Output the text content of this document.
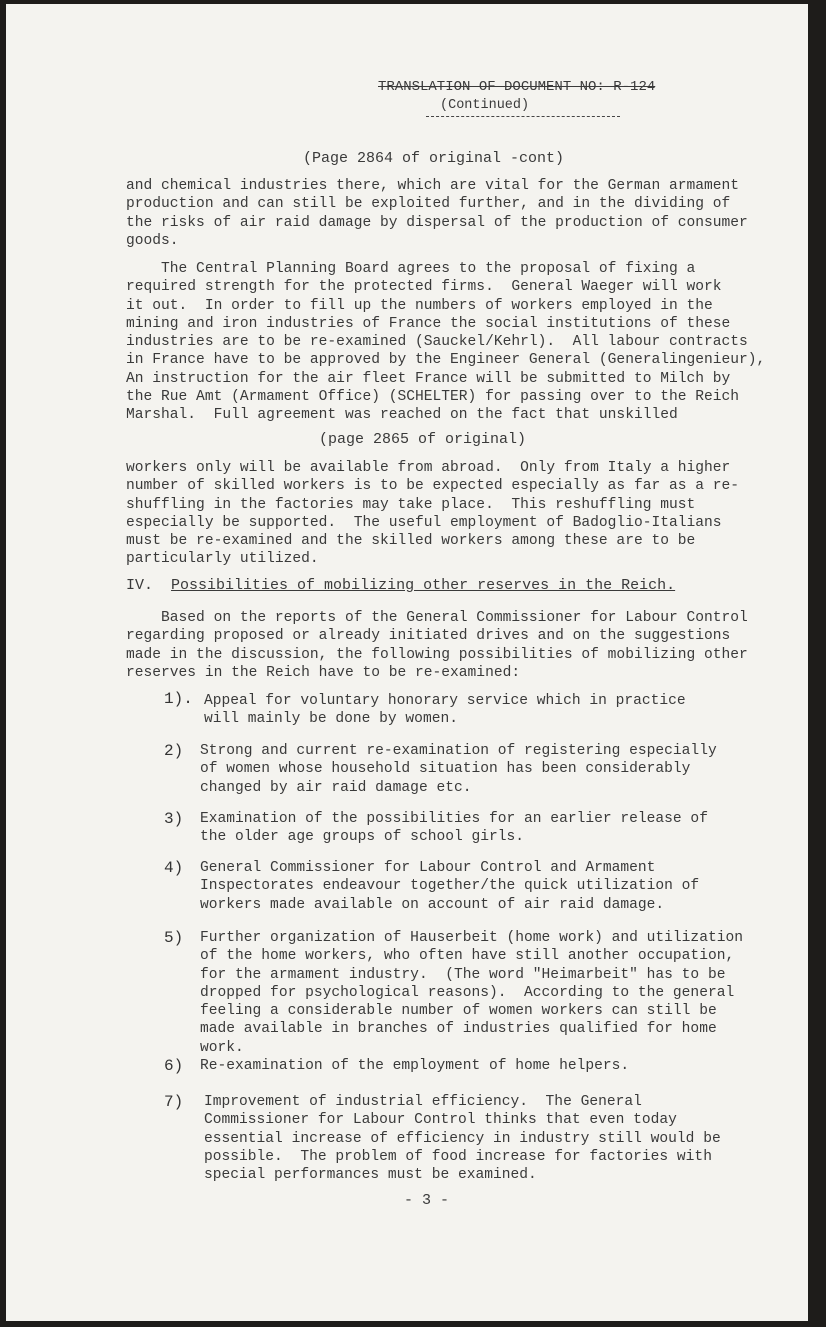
TRANSLATION OF DOCUMENT NO: R-124

(Continued)

(Page 2864 of original -cont)

and chemical industries there, which are vital for the German armament
production and can still be exploited further, and in the dividing of
the risks of air raid damage by dispersal of the production of consumer
goods.

The Central Planning Board agrees to the proposal of fixing a
required strength for the protected firms.  General Waeger will work
it out.  In order to fill up the numbers of workers employed in the
mining and iron industries of France the social institutions of these
industries are to be re-examined (Sauckel/Kehrl).  All labour contracts
in France have to be approved by the Engineer General (Generalingenieur),
An instruction for the air fleet France will be submitted to Milch by
the Rue Amt (Armament Office) (SCHELTER) for passing over to the Reich
Marshal.  Full agreement was reached on the fact that unskilled

(page 2865 of original)

workers only will be available from abroad.  Only from Italy a higher
number of skilled workers is to be expected especially as far as a re-
shuffling in the factories may take place.  This reshuffling must
especially be supported.  The useful employment of Badoglio-Italians
must be re-examined and the skilled workers among these are to be
particularly utilized.

IV. Possibilities of mobilizing other reserves in the Reich.

Based on the reports of the General Commissioner for Labour Control
regarding proposed or already initiated drives and on the suggestions
made in the discussion, the following possibilities of mobilizing other
reserves in the Reich have to be re-examined:

1). Appeal for voluntary honorary service which in practice
will mainly be done by women.

2) Strong and current re-examination of registering especially
of women whose household situation has been considerably
changed by air raid damage etc.

3) Examination of the possibilities for an earlier release of
the older age groups of school girls.

4) General Commissioner for Labour Control and Armament
Inspectorates endeavour together/the quick utilization of
workers made available on account of air raid damage.

5) Further organization of Hauserbeit (home work) and utilization
of the home workers, who often have still another occupation,
for the armament industry.  (The word "Heimarbeit" has to be
dropped for psychological reasons).  According to the general
feeling a considerable number of women workers can still be
made available in branches of industries qualified for home
work.

6) Re-examination of the employment of home helpers.

7) Improvement of industrial efficiency.  The General
Commissioner for Labour Control thinks that even today
essential increase of efficiency in industry still would be
possible.  The problem of food increase for factories with
special performances must be examined.

- 3 -
